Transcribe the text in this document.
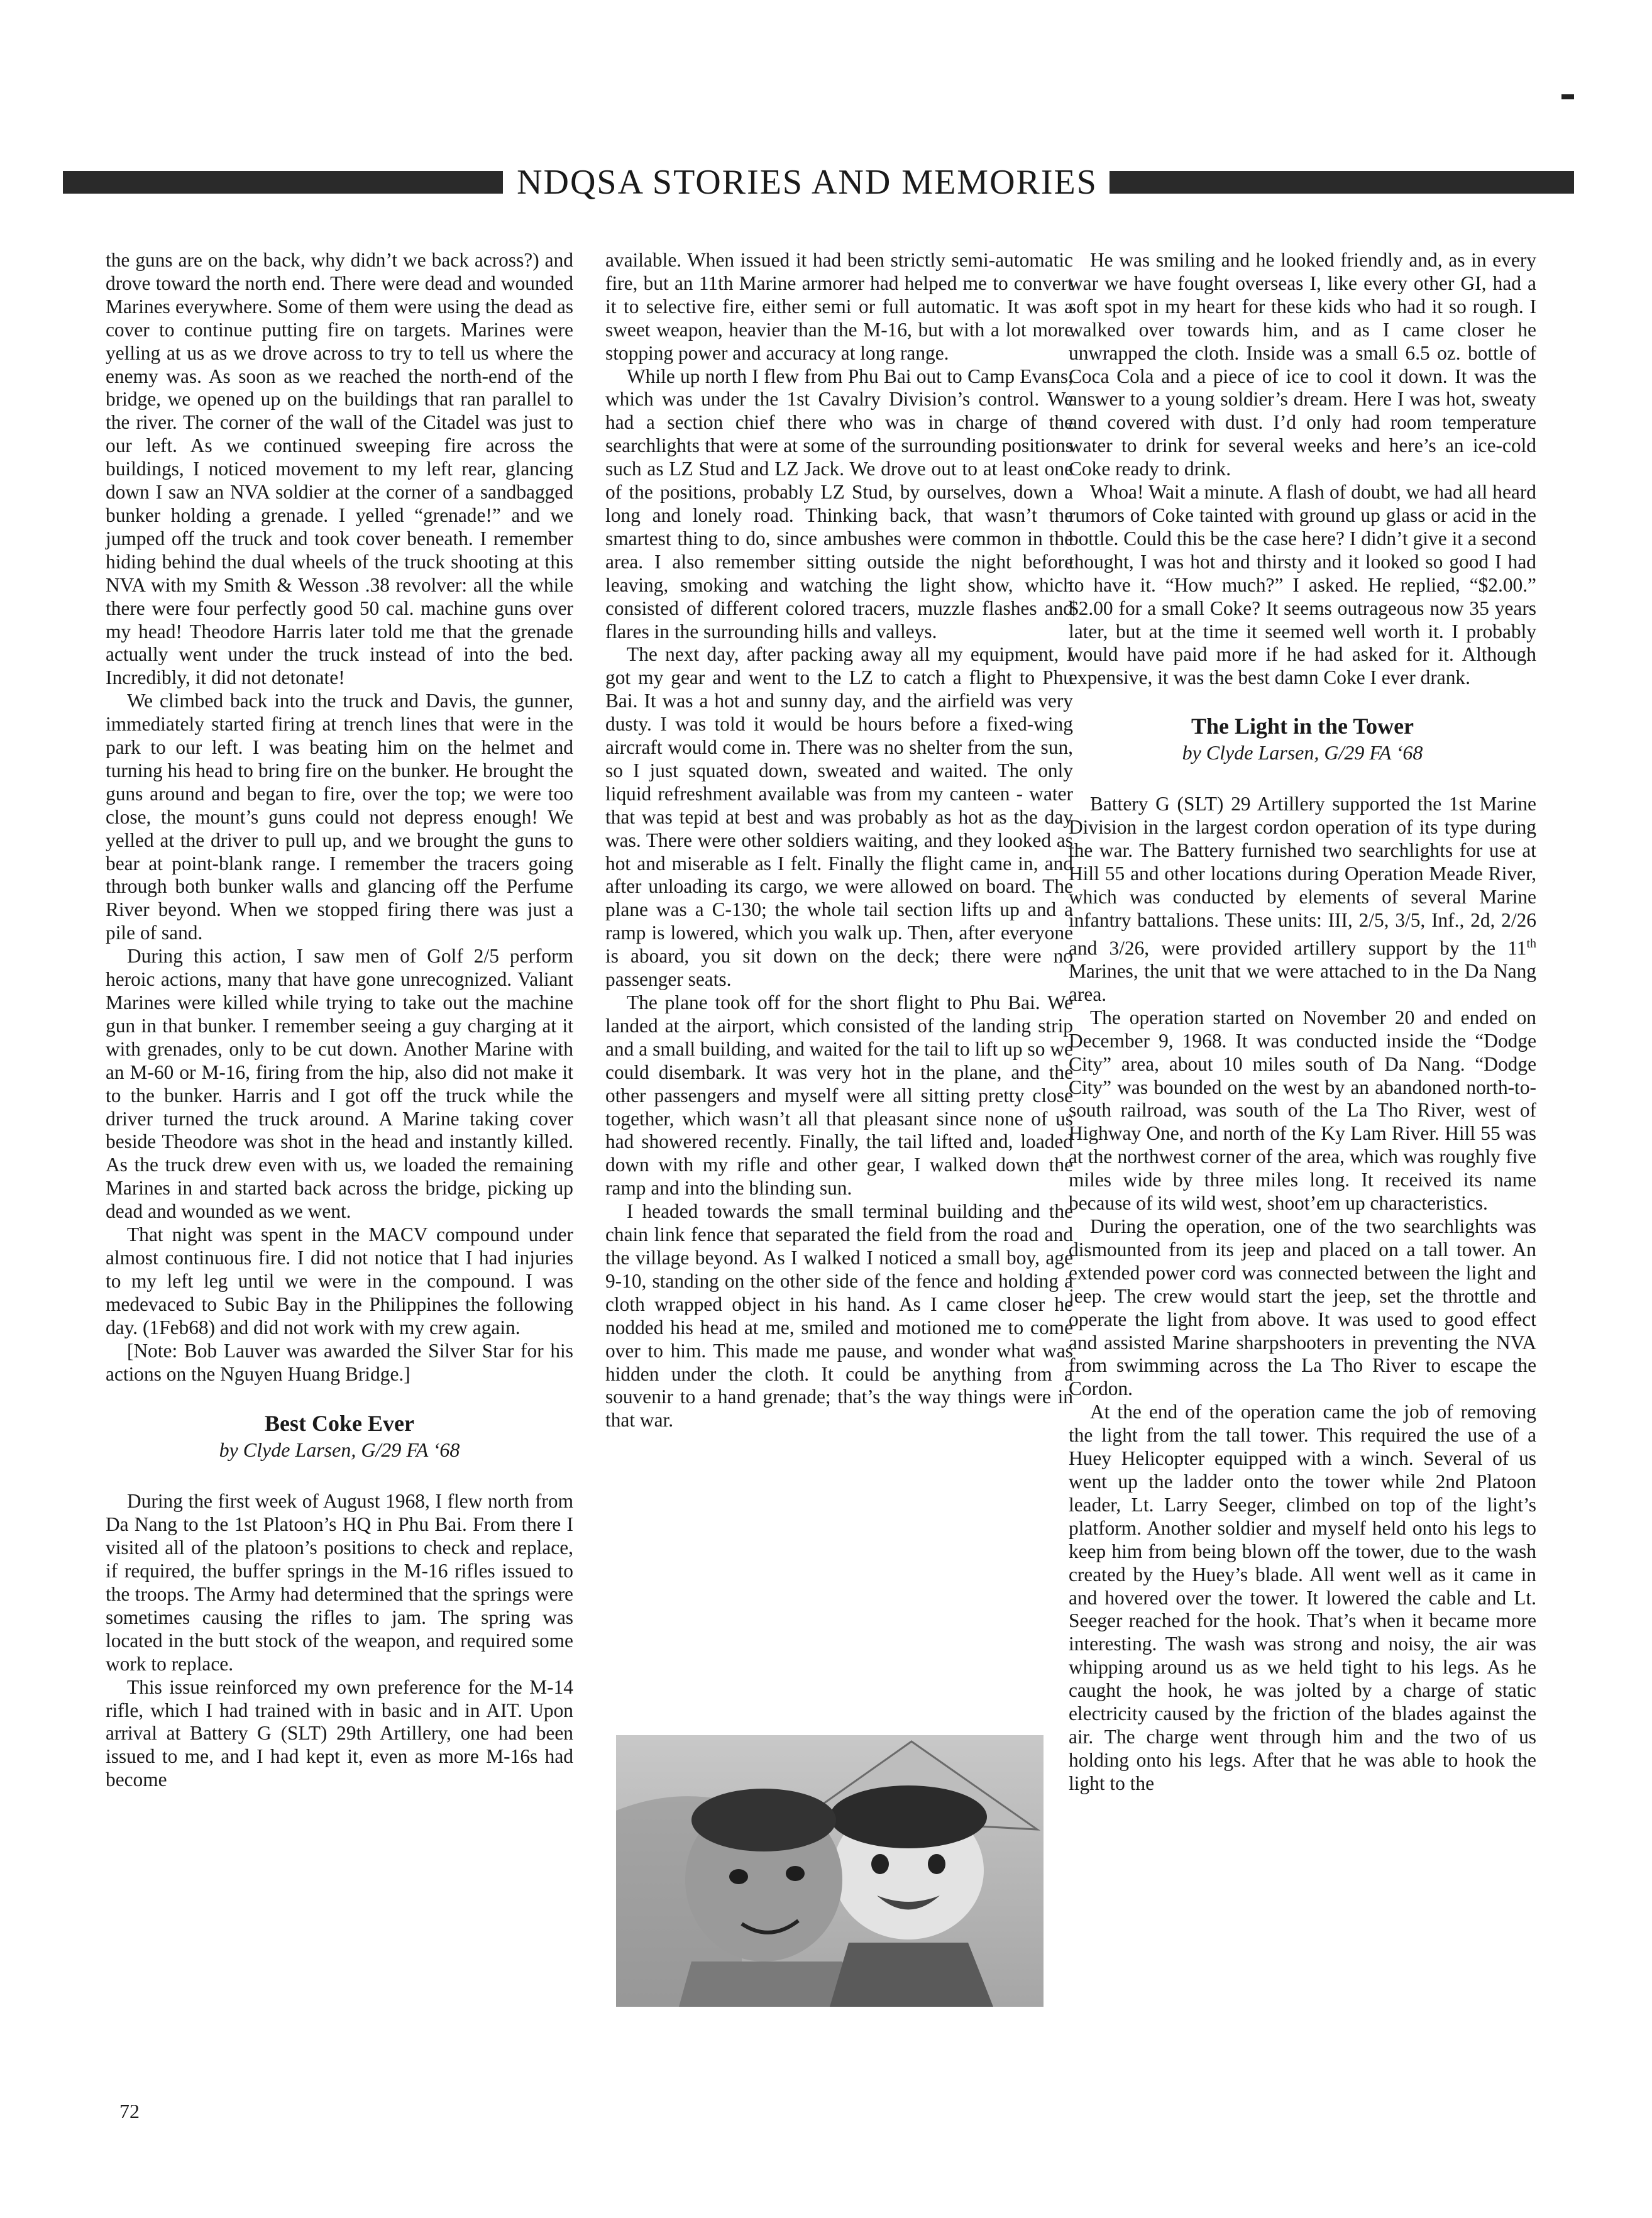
NDQSA STORIES AND MEMORIES

the guns are on the back, why didn’t we back across?) and drove toward the north end. There were dead and wounded Marines everywhere. Some of them were using the dead as cover to continue putting fire on targets. Marines were yelling at us as we drove across to try to tell us where the enemy was. As soon as we reached the north-end of the bridge, we opened up on the buildings that ran parallel to the river. The corner of the wall of the Citadel was just to our left. As we continued sweeping fire across the buildings, I noticed movement to my left rear, glancing down I saw an NVA soldier at the corner of a sandbagged bunker holding a grenade. I yelled “grenade!” and we jumped off the truck and took cover beneath. I remember hiding behind the dual wheels of the truck shooting at this NVA with my Smith & Wesson .38 revolver: all the while there were four perfectly good 50 cal. machine guns over my head! Theodore Harris later told me that the grenade actually went under the truck instead of into the bed. Incredibly, it did not detonate!

We climbed back into the truck and Davis, the gunner, immediately started firing at trench lines that were in the park to our left. I was beating him on the helmet and turning his head to bring fire on the bunker. He brought the guns around and began to fire, over the top; we were too close, the mount’s guns could not depress enough! We yelled at the driver to pull up, and we brought the guns to bear at point-blank range. I remember the tracers going through both bunker walls and glancing off the Perfume River beyond. When we stopped firing there was just a pile of sand.

During this action, I saw men of Golf 2/5 perform heroic actions, many that have gone unrecognized. Valiant Marines were killed while trying to take out the machine gun in that bunker. I remember seeing a guy charging at it with grenades, only to be cut down. Another Marine with an M-60 or M-16, firing from the hip, also did not make it to the bunker. Harris and I got off the truck while the driver turned the truck around. A Marine taking cover beside Theodore was shot in the head and instantly killed. As the truck drew even with us, we loaded the remaining Marines in and started back across the bridge, picking up dead and wounded as we went.

That night was spent in the MACV compound under almost continuous fire. I did not notice that I had injuries to my left leg until we were in the compound. I was medevaced to Subic Bay in the Philippines the following day. (1Feb68) and did not work with my crew again.

[Note: Bob Lauver was awarded the Silver Star for his actions on the Nguyen Huang Bridge.]

Best Coke Ever

by Clyde Larsen, G/29 FA ‘68

During the first week of August 1968, I flew north from Da Nang to the 1st Platoon’s HQ in Phu Bai. From there I visited all of the platoon’s positions to check and replace, if required, the buffer springs in the M-16 rifles issued to the troops. The Army had determined that the springs were sometimes causing the rifles to jam. The spring was located in the butt stock of the weapon, and required some work to replace.

This issue reinforced my own preference for the M-14 rifle, which I had trained with in basic and in AIT. Upon arrival at Battery G (SLT) 29th Artillery, one had been issued to me, and I had kept it, even as more M-16s had become

available. When issued it had been strictly semi-automatic fire, but an 11th Marine armorer had helped me to convert it to selective fire, either semi or full automatic. It was a sweet weapon, heavier than the M-16, but with a lot more stopping power and accuracy at long range.

While up north I flew from Phu Bai out to Camp Evans, which was under the 1st Cavalry Division’s control. We had a section chief there who was in charge of the searchlights that were at some of the surrounding positions such as LZ Stud and LZ Jack. We drove out to at least one of the positions, probably LZ Stud, by ourselves, down a long and lonely road. Thinking back, that wasn’t the smartest thing to do, since ambushes were common in the area. I also remember sitting outside the night before leaving, smoking and watching the light show, which consisted of different colored tracers, muzzle flashes and flares in the surrounding hills and valleys.

The next day, after packing away all my equipment, I got my gear and went to the LZ to catch a flight to Phu Bai. It was a hot and sunny day, and the airfield was very dusty. I was told it would be hours before a fixed-wing aircraft would come in. There was no shelter from the sun, so I just squated down, sweated and waited. The only liquid refreshment available was from my canteen - water that was tepid at best and was probably as hot as the day was. There were other soldiers waiting, and they looked as hot and miserable as I felt. Finally the flight came in, and after unloading its cargo, we were allowed on board. The plane was a C-130; the whole tail section lifts up and a ramp is lowered, which you walk up. Then, after everyone is aboard, you sit down on the deck; there were no passenger seats.

The plane took off for the short flight to Phu Bai. We landed at the airport, which consisted of the landing strip and a small building, and waited for the tail to lift up so we could disembark. It was very hot in the plane, and the other passengers and myself were all sitting pretty close together, which wasn’t all that pleasant since none of us had showered recently. Finally, the tail lifted and, loaded down with my rifle and other gear, I walked down the ramp and into the blinding sun.

I headed towards the small terminal building and the chain link fence that separated the field from the road and the village beyond. As I walked I noticed a small boy, age 9-10, standing on the other side of the fence and holding a cloth wrapped object in his hand. As I came closer he nodded his head at me, smiled and motioned me to come over to him. This made me pause, and wonder what was hidden under the cloth. It could be anything from a souvenir to a hand grenade; that’s the way things were in that war.

He was smiling and he looked friendly and, as in every war we have fought overseas I, like every other GI, had a soft spot in my heart for these kids who had it so rough. I walked over towards him, and as I came closer he unwrapped the cloth. Inside was a small 6.5 oz. bottle of Coca Cola and a piece of ice to cool it down. It was the answer to a young soldier’s dream. Here I was hot, sweaty and covered with dust. I’d only had room temperature water to drink for several weeks and here’s an ice-cold Coke ready to drink.

Whoa! Wait a minute. A flash of doubt, we had all heard rumors of Coke tainted with ground up glass or acid in the bottle. Could this be the case here? I didn’t give it a second thought, I was hot and thirsty and it looked so good I had to have it. “How much?” I asked. He replied, “$2.00.” $2.00 for a small Coke? It seems outrageous now 35 years later, but at the time it seemed well worth it. I probably would have paid more if he had asked for it. Although expensive, it was the best damn Coke I ever drank.

The Light in the Tower

by Clyde Larsen, G/29 FA ‘68

Battery G (SLT) 29 Artillery supported the 1st Marine Division in the largest cordon operation of its type during the war. The Battery furnished two searchlights for use at Hill 55 and other locations during Operation Meade River, which was conducted by elements of several Marine infantry battalions. These units: III, 2/5, 3/5, Inf., 2d, 2/26 and 3/26, were provided artillery support by the 11th Marines, the unit that we were attached to in the Da Nang area.

The operation started on November 20 and ended on December 9, 1968. It was conducted inside the “Dodge City” area, about 10 miles south of Da Nang. “Dodge City” was bounded on the west by an abandoned north-to-south railroad, was south of the La Tho River, west of Highway One, and north of the Ky Lam River. Hill 55 was at the northwest corner of the area, which was roughly five miles wide by three miles long. It received its name because of its wild west, shoot’em up characteristics.

During the operation, one of the two searchlights was dismounted from its jeep and placed on a tall tower. An extended power cord was connected between the light and jeep. The crew would start the jeep, set the throttle and operate the light from above. It was used to good effect and assisted Marine sharpshooters in preventing the NVA from swimming across the La Tho River to escape the Cordon.

At the end of the operation came the job of removing the light from the tall tower. This required the use of a Huey Helicopter equipped with a winch. Several of us went up the ladder onto the tower while 2nd Platoon leader, Lt. Larry Seeger, climbed on top of the light’s platform. Another soldier and myself held onto his legs to keep him from being blown off the tower, due to the wash created by the Huey’s blade. All went well as it came in and hovered over the tower. It lowered the cable and Lt. Seeger reached for the hook. That’s when it became more interesting. The wash was strong and noisy, the air was whipping around us as we held tight to his legs. As he caught the hook, he was jolted by a charge of static electricity caused by the friction of the blades against the air. The charge went through him and the two of us holding onto his legs. After that he was able to hook the light to the

72
